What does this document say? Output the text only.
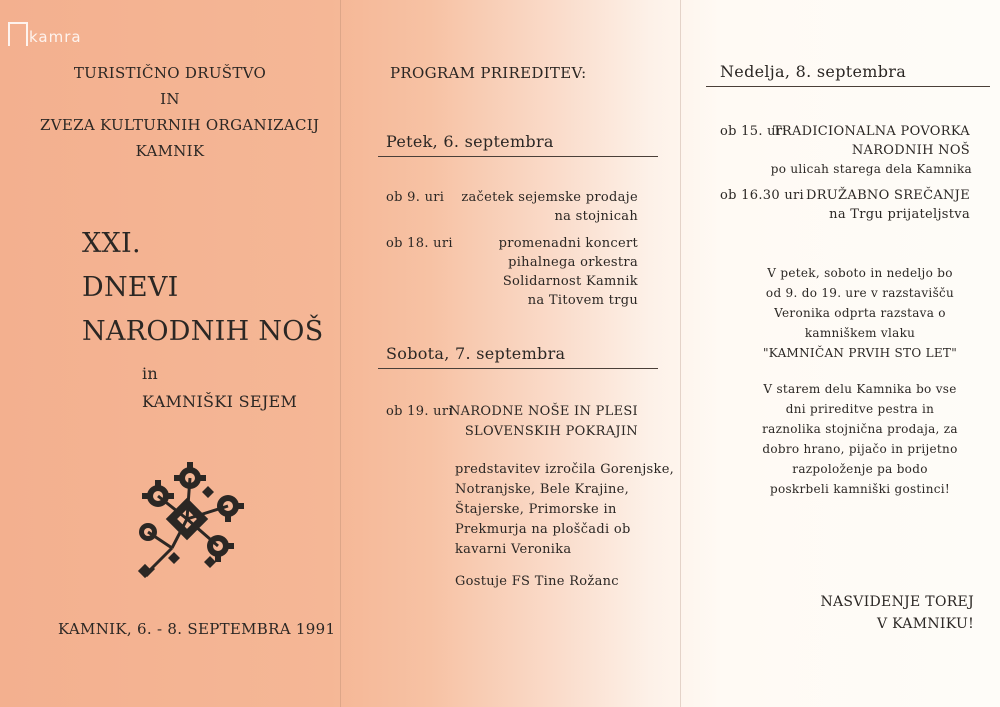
kamra
TURISTIČNO DRUŠTVO
IN
ZVEZA KULTURNIH ORGANIZACIJ
KAMNIK
XXI.
DNEVI
NARODNIH NOŠ
in
KAMNIŠKI SEJEM
KAMNIK, 6. - 8. SEPTEMBRA 1991
PROGRAM PRIREDITEV:
Petek, 6. septembra
ob 9. uri	začetek sejemske prodaje
na stojnicah
ob 18. uri	promenadni koncert
pihalnega orkestra
Solidarnost Kamnik
na Titovem trgu
Sobota, 7. septembra
ob 19. uri
NARODNE NOŠE IN PLESI
SLOVENSKIH POKRAJIN
predstavitev izročila Gorenjske,
Notranjske, Bele Krajine,
Štajerske, Primorske in
Prekmurja na ploščadi ob
kavarni Veronika
Gostuje FS Tine Rožanc
Nedelja, 8. septembra
ob 15. uri
TRADICIONALNA POVORKA
NARODNIH NOŠ
po ulicah starega dela Kamnika
ob 16.30 uri DRUŽABNO SREČANJE
na Trgu prijateljstva
V petek, soboto in nedeljo bo
od 9. do 19. ure v razstavišču
Veronika odprta razstava o
kamniškem vlaku
"KAMNIČAN PRVIH STO LET"
V starem delu Kamnika bo vse
dni prireditve pestra in
raznolika stojnična prodaja, za
dobro hrano, pijačo in prijetno
razpoloženje pa bodo
poskrbeli kamniški gostinci!
NASVIDENJE TOREJ
V KAMNIKU!
